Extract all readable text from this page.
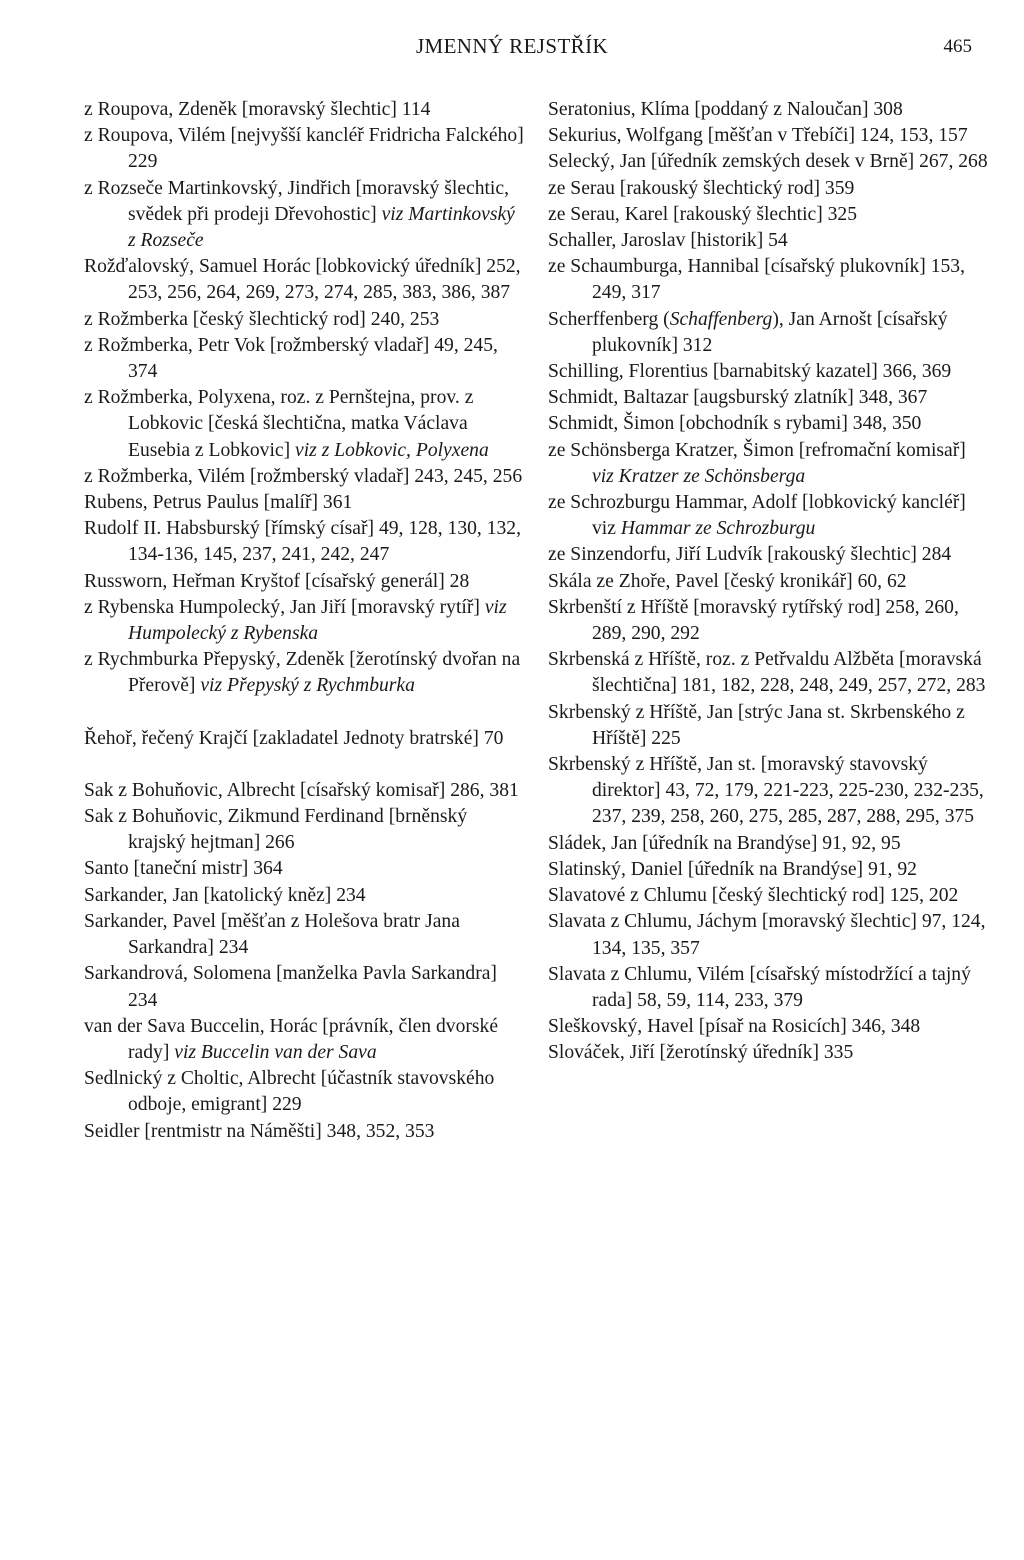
JMENNÝ REJSTŘÍK	465

z Roupova, Zdeněk [moravský šlechtic] 114

z Roupova, Vilém [nejvyšší kancléř Fridricha Falckého] 229

z Rozseče Martinkovský, Jindřich [moravský šlechtic, svědek při prodeji Dřevohostic] viz Martinkovský z Rozseče

Rožďalovský, Samuel Horác [lobkovický úředník] 252, 253, 256, 264, 269, 273, 274, 285, 383, 386, 387

z Rožmberka [český šlechtický rod] 240, 253

z Rožmberka, Petr Vok [rožmberský vladař] 49, 245, 374

z Rožmberka, Polyxena, roz. z Pernštejna, prov. z Lobkovic [česká šlechtična, matka Václava Eusebia z Lobkovic] viz z Lobkovic, Polyxena

z Rožmberka, Vilém [rožmberský vladař] 243, 245, 256

Rubens, Petrus Paulus [malíř] 361

Rudolf II. Habsburský [římský císař] 49, 128, 130, 132, 134-136, 145, 237, 241, 242, 247

Russworn, Heřman Kryštof [císařský generál] 28

z Rybenska Humpolecký, Jan Jiří [moravský rytíř] viz Humpolecký z Rybenska

z Rychmburka Přepyský, Zdeněk [žerotínský dvořan na Přerově] viz Přepyský z Rychmburka

Řehoř, řečený Krajčí [zakladatel Jednoty bratrské] 70

Sak z Bohuňovic, Albrecht [císařský komisař] 286, 381

Sak z Bohuňovic, Zikmund Ferdinand [brněnský krajský hejtman] 266

Santo [taneční mistr] 364

Sarkander, Jan [katolický kněz] 234

Sarkander, Pavel [měšťan z Holešova bratr Jana Sarkandra] 234

Sarkandrová, Solomena [manželka Pavla Sarkandra] 234

van der Sava Buccelin, Horác [právník, člen dvorské rady] viz Buccelin van der Sava

Sedlnický z Choltic, Albrecht [účastník stavovského odboje, emigrant] 229

Seidler [rentmistr na Náměšti] 348, 352, 353

Seratonius, Klíma [poddaný z Naloučan] 308

Sekurius, Wolfgang [měšťan v Třebíči] 124, 153, 157

Selecký, Jan [úředník zemských desek v Brně] 267, 268

ze Serau [rakouský šlechtický rod] 359

ze Serau, Karel [rakouský šlechtic] 325

Schaller, Jaroslav [historik] 54

ze Schaumburga, Hannibal [císařský plukovník] 153, 249, 317

Scherffenberg (Schaffenberg), Jan Arnošt [císařský plukovník] 312

Schilling, Florentius [barnabitský kazatel] 366, 369

Schmidt, Baltazar [augsburský zlatník] 348, 367

Schmidt, Šimon [obchodník s rybami] 348, 350

ze Schönsberga Kratzer, Šimon [refromační komisař] viz Kratzer ze Schönsberga

ze Schrozburgu Hammar, Adolf [lobkovický kancléř] viz Hammar ze Schrozburgu

ze Sinzendorfu, Jiří Ludvík [rakouský šlechtic] 284

Skála ze Zhoře, Pavel [český kronikář] 60, 62

Skrbenští z Hříště [moravský rytířský rod] 258, 260, 289, 290, 292

Skrbenská z Hříště, roz. z Petřvaldu Alžběta [moravská šlechtična] 181, 182, 228, 248, 249, 257, 272, 283

Skrbenský z Hříště, Jan [strýc Jana st. Skrbenského z Hříště] 225

Skrbenský z Hříště, Jan st. [moravský stavovský direktor] 43, 72, 179, 221-223, 225-230, 232-235, 237, 239, 258, 260, 275, 285, 287, 288, 295, 375

Sládek, Jan [úředník na Brandýse] 91, 92, 95

Slatinský, Daniel [úředník na Brandýse] 91, 92

Slavatové z Chlumu [český šlechtický rod] 125, 202

Slavata z Chlumu, Jáchym [moravský šlechtic] 97, 124, 134, 135, 357

Slavata z Chlumu, Vilém [císařský místodržící a tajný rada] 58, 59, 114, 233, 379

Sleškovský, Havel [písař na Rosicích] 346, 348

Slováček, Jiří [žerotínský úředník] 335
